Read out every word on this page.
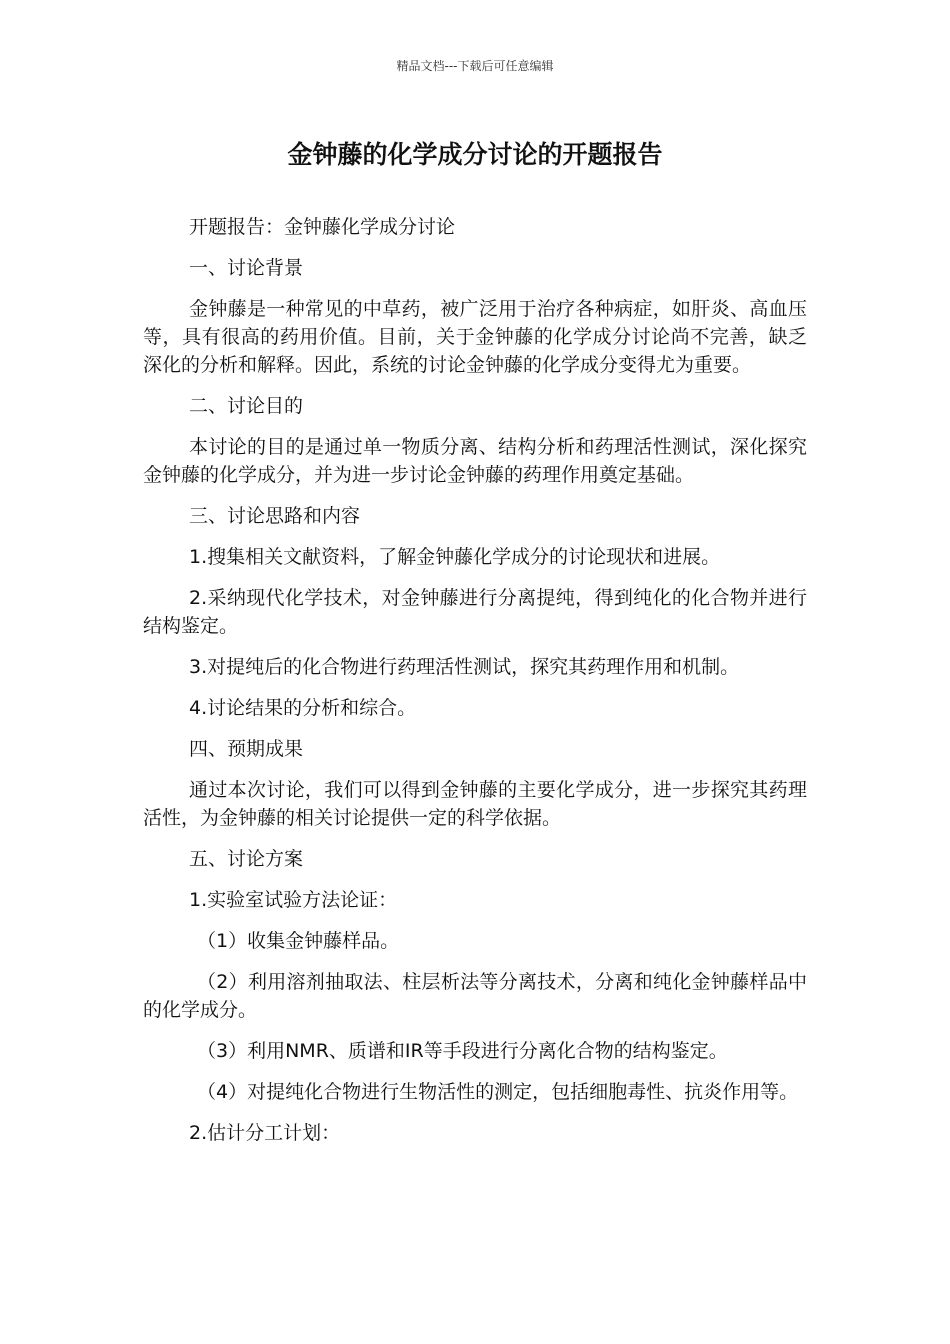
精品文档---下载后可任意编辑
金钟藤的化学成分讨论的开题报告

开题报告：金钟藤化学成分讨论

一、讨论背景

金钟藤是一种常见的中草药，被广泛用于治疗各种病症，如肝炎、高血压等，具有很高的药用价值。目前，关于金钟藤的化学成分讨论尚不完善，缺乏深化的分析和解释。因此，系统的讨论金钟藤的化学成分变得尤为重要。

二、讨论目的

本讨论的目的是通过单一物质分离、结构分析和药理活性测试，深化探究金钟藤的化学成分，并为进一步讨论金钟藤的药理作用奠定基础。

三、讨论思路和内容

1.搜集相关文献资料，了解金钟藤化学成分的讨论现状和进展。

2.采纳现代化学技术，对金钟藤进行分离提纯，得到纯化的化合物并进行结构鉴定。

3.对提纯后的化合物进行药理活性测试，探究其药理作用和机制。

4.讨论结果的分析和综合。

四、预期成果

通过本次讨论，我们可以得到金钟藤的主要化学成分，进一步探究其药理活性，为金钟藤的相关讨论提供一定的科学依据。

五、讨论方案

1.实验室试验方法论证：

（1）收集金钟藤样品。

（2）利用溶剂抽取法、柱层析法等分离技术，分离和纯化金钟藤样品中的化学成分。

（3）利用NMR、质谱和IR等手段进行分离化合物的结构鉴定。

（4）对提纯化合物进行生物活性的测定，包括细胞毒性、抗炎作用等。

2.估计分工计划：
